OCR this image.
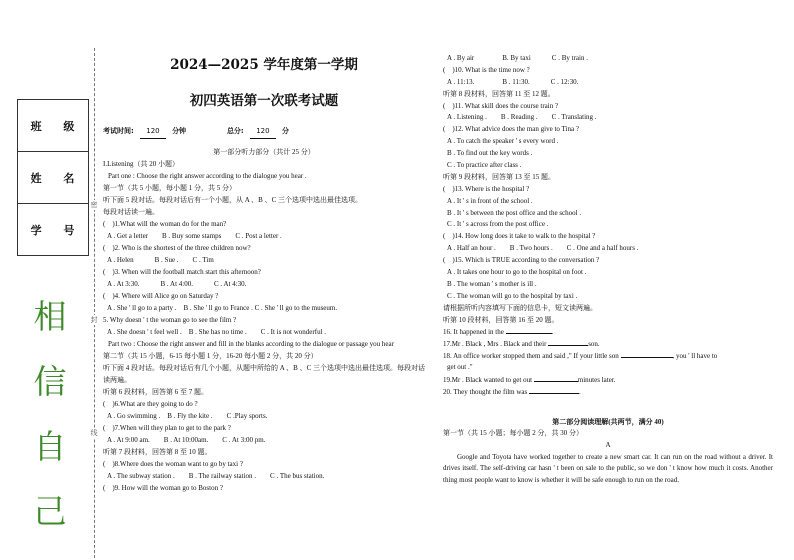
班 级
姓 名
学 号
相
信
自
己
密
封
线
2024—2025 学年度第一学期
初四英语第一次联考试题
考试时间: 120 分钟	总分: 120 分
第一部分听力部分（共计 25 分）
I.Listening（共 20 小题）
Part one : Choose the right answer according to the dialogue you hear .
第一节（共 5 小题，每小题 1 分，共 5 分）
听下面 5 段对话。每段对话后有一个小题，从 A 、B 、C 三个选项中选出最佳选项。
每段对话读一遍。
(　)1.What will the woman do for the man?
A . Get a letter　　B . Buy some stamps　　C . Post a letter .
(　)2. Who is the shortest of the three children now?
A . Helen　　　B . Sue .　　C . Tim
(　)3. When will the football match start this afternoon?
A . At 3:30.　　　B . At 4:00.　　　C . At 4:30.
(　)4. Where will Alice go on Saturday ?
A . She ' ll go to a party .　B . She ' ll go to France . C . She ' ll go to the museum.
5. Why doesn ' t the woman go to see the film ?
A . She doesn ' t feel well .　B . She has no time .　　C . It is not wonderful .
Part two : Choose the right answer and fill in the blanks according to the dialogue or passage you hear
第二节（共 15 小题，6-15 每小题 1 分，16-20 每小题 2 分，共 20 分）
听下面 4 段对话。每段对话后有几个小题，从题中所给的 A 、B 、C 三个选项中选出最佳选项。每段对话读两遍。
听第 6 段材料，回答第 6 至 7 题。
(　)6.What are they going to do ?
A . Go swimming .　B . Fly the kite .　　C .Play sports.
(　)7.When will they plan to get to the park ?
A . At 9:00 am.　　B . At 10:00am.　　C . At 3:00 pm.
听第 7 段材料，回答第 8 至 10 题。
(　)8.Where does the woman want to go by taxi ?
A . The subway station .　　B . The railway station .　　C . The bus station.
(　)9. How will the woman go to Boston ?
A . By air　　　　B. By taxi　　　C . By train .
(　)10. What is the time now ?
A . 11:13.　　　　B . 11:30.　　　C . 12:30.
听第 8 段材料，回答第 11 至 12 题。
(　)11. What skill does the course train ?
A . Listening .　　B . Reading .　　C . Translating .
(　)12. What advice does the man give to Tina ?
A . To catch the speaker ' s every word .
B . To find out the key words .
C . To practice after class .
听第 9 段材料，回答第 13 至 15 题。
(　)13. Where is the hospital ?
A . It ' s in front of the school .
B . It ' s between the post office and the school .
C . It ' s across from the post office .
(　)14. How long does it take to walk to the hospital ?
A . Half an hour .　　B . Two hours .　　C . One and a half hours .
(　)15. Which is TRUE according to the conversation ?
A . It takes one hour to go to the hospital on foot .
B . The woman ' s mother is ill .
C . The woman will go to the hospital by taxi .
请根据所听内容填写下面的信息卡，短文读两遍。
听第 10 段材料，回答第 16 至 20 题。
16. It happened in the	.
17.Mr . Black , Mrs . Black and their	son.
18. An office worker stopped them and said ," If your little son	, you ' ll have to
get out ."
19.Mr . Black wanted to get out	minutes later.
20. They thought the film was	.
第二部分阅读理解(共两节，满分 40)
第一节（共 15 小题；每小题 2 分，共 30 分）
A

Google and Toyota have worked together to create a new smart car. It can run on the road without a driver. It drives itself. The self-driving car hasn ' t been on sale to the public, so we don ' t know how much it costs. Another thing most people want to know is whether it will be safe enough to run on the road.
